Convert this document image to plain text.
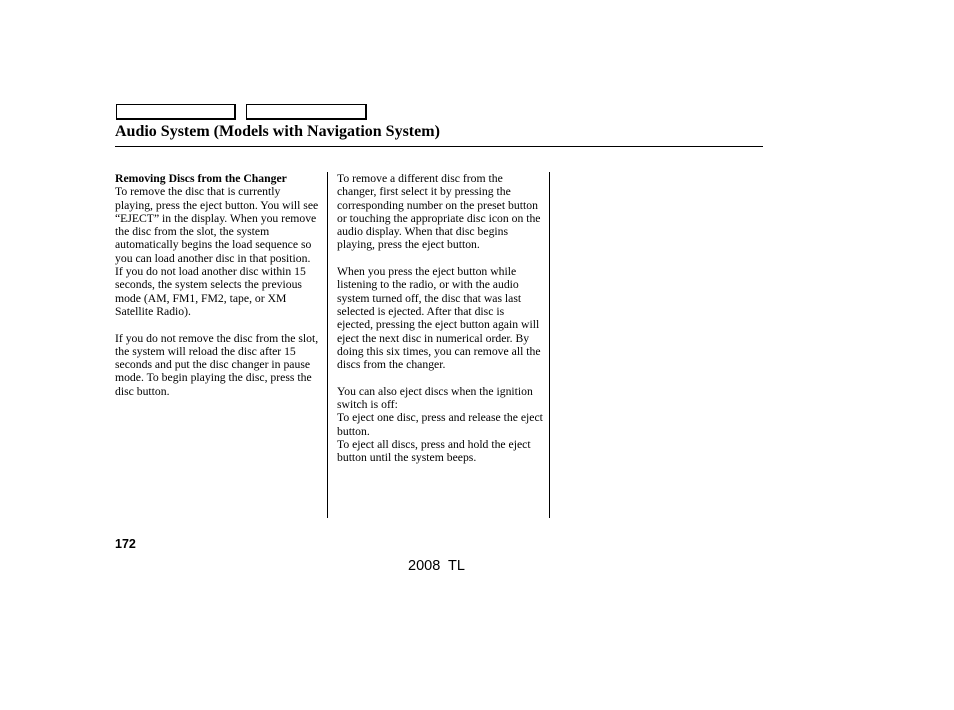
Audio System (Models with Navigation System)

Removing Discs from the Changer

To remove the disc that is currently playing, press the eject button. You will see “EJECT” in the display. When you remove the disc from the slot, the system automatically begins the load sequence so you can load another disc in that position. If you do not load another disc within 15 seconds, the system selects the previous mode (AM, FM1, FM2, tape, or XM Satellite Radio).

If you do not remove the disc from the slot, the system will reload the disc after 15 seconds and put the disc changer in pause mode. To begin playing the disc, press the disc button.

To remove a different disc from the changer, first select it by pressing the corresponding number on the preset button or touching the appropriate disc icon on the audio display. When that disc begins playing, press the eject button.

When you press the eject button while listening to the radio, or with the audio system turned off, the disc that was last selected is ejected. After that disc is ejected, pressing the eject button again will eject the next disc in numerical order. By doing this six times, you can remove all the discs from the changer.

You can also eject discs when the ignition switch is off:

To eject one disc, press and release the eject button.

To eject all discs, press and hold the eject button until the system beeps.

172
2008  TL
